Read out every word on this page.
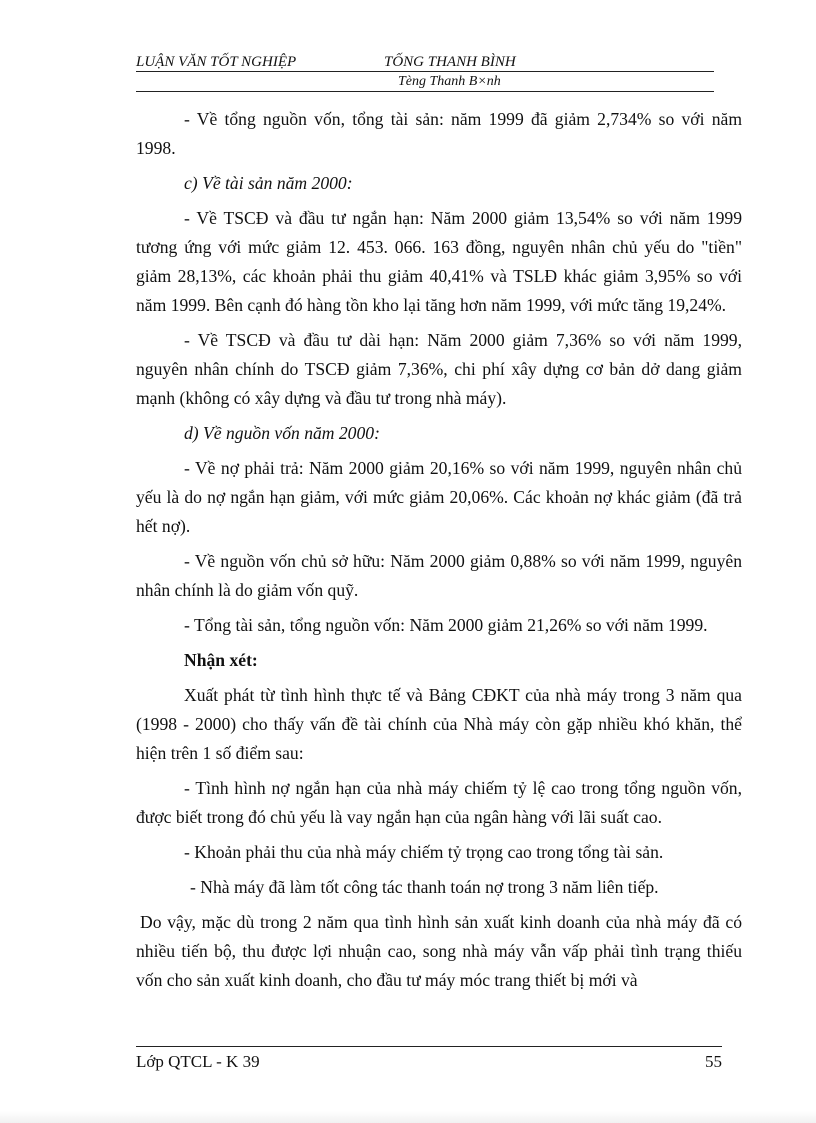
LUẬN VĂN TỐT NGHIỆP	TỐNG THANH BÌNH
Tèng Thanh B×nh

- Về tổng nguồn vốn, tổng tài sản: năm 1999 đã giảm 2,734% so với năm 1998.

c) Về tài sản năm 2000:

- Về TSCĐ và đầu tư ngắn hạn: Năm 2000 giảm 13,54% so với năm 1999 tương ứng với mức giảm 12. 453. 066. 163 đồng, nguyên nhân chủ yếu do "tiền" giảm 28,13%, các khoản phải thu giảm 40,41% và TSLĐ khác giảm 3,95% so với năm 1999. Bên cạnh đó hàng tồn kho lại tăng hơn năm 1999, với mức tăng 19,24%.

- Về TSCĐ và đầu tư dài hạn: Năm 2000 giảm 7,36% so với năm 1999, nguyên nhân chính do TSCĐ giảm 7,36%, chi phí xây dựng cơ bản dở dang giảm mạnh (không có xây dựng và đầu tư trong nhà máy).

d) Về nguồn vốn năm 2000:

- Về nợ phải trả: Năm 2000 giảm 20,16% so với năm 1999, nguyên nhân chủ yếu là do nợ ngắn hạn giảm, với mức giảm 20,06%. Các khoản nợ khác giảm (đã trả hết nợ).

- Về nguồn vốn chủ sở hữu: Năm 2000 giảm 0,88% so với năm 1999, nguyên nhân chính là do giảm vốn quỹ.

- Tổng tài sản, tổng nguồn vốn: Năm 2000 giảm 21,26% so với năm 1999.

Nhận xét:

Xuất phát từ tình hình thực tế và Bảng CĐKT của nhà máy trong 3 năm qua (1998 - 2000) cho thấy vấn đề tài chính của Nhà máy còn gặp nhiều khó khăn, thể hiện trên 1 số điểm sau:

- Tình hình nợ ngắn hạn của nhà máy chiếm tỷ lệ cao trong tổng nguồn vốn, được biết trong đó chủ yếu là vay ngắn hạn của ngân hàng với lãi suất cao.

- Khoản phải thu của nhà máy chiếm tỷ trọng cao trong tổng tài sản.

- Nhà máy đã làm tốt công tác thanh toán nợ trong 3 năm liên tiếp.

Do vậy, mặc dù trong 2 năm qua tình hình sản xuất kinh doanh của nhà máy đã có nhiều tiến bộ, thu được lợi nhuận cao, song nhà máy vẫn vấp phải tình trạng thiếu vốn cho sản xuất kinh doanh, cho đầu tư máy móc trang thiết bị mới và

Lớp QTCL - K 39	55
